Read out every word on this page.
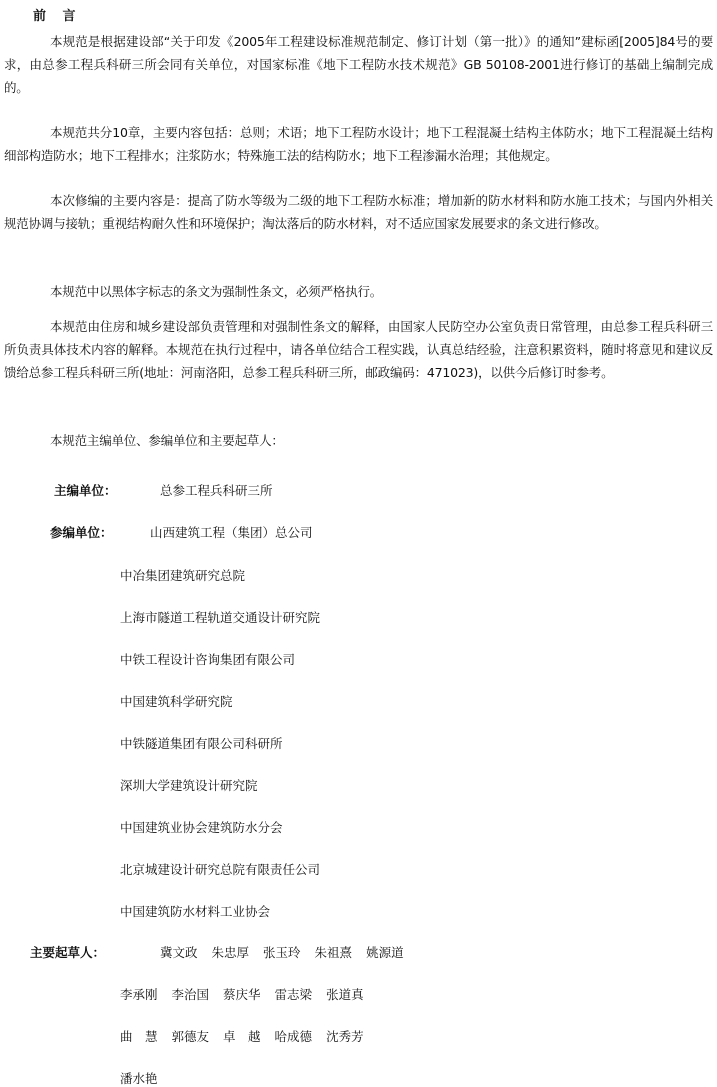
前 言

本规范是根据建设部“关于印发《2005年工程建设标准规范制定、修订计划（第一批）》的通知”建标函[2005]84号的要求，由总参工程兵科研三所会同有关单位，对国家标准《地下工程防水技术规范》GB 50108-2001进行修订的基础上编制完成的。

本规范共分10章，主要内容包括：总则；术语；地下工程防水设计；地下工程混凝土结构主体防水；地下工程混凝土结构细部构造防水；地下工程排水；注浆防水；特殊施工法的结构防水；地下工程渗漏水治理；其他规定。

本次修编的主要内容是：提高了防水等级为二级的地下工程防水标准；增加新的防水材料和防水施工技术；与国内外相关规范协调与接轨；重视结构耐久性和环境保护；淘汰落后的防水材料，对不适应国家发展要求的条文进行修改。

本规范中以黑体字标志的条文为强制性条文，必须严格执行。

本规范由住房和城乡建设部负责管理和对强制性条文的解释，由国家人民防空办公室负责日常管理，由总参工程兵科研三所负责具体技术内容的解释。本规范在执行过程中，请各单位结合工程实践，认真总结经验，注意积累资料，随时将意见和建议反馈给总参工程兵科研三所(地址：河南洛阳，总参工程兵科研三所，邮政编码：471023)，以供今后修订时参考。

本规范主编单位、参编单位和主要起草人：

主编单位：	总参工程兵科研三所
参编单位：	山西建筑工程（集团）总公司
中冶集团建筑研究总院
上海市隧道工程轨道交通设计研究院
中铁工程设计咨询集团有限公司
中国建筑科学研究院
中铁隧道集团有限公司科研所
深圳大学建筑设计研究院
中国建筑业协会建筑防水分会
北京城建设计研究总院有限责任公司
中国建筑防水材料工业协会
主要起草人：	冀文政 朱忠厚 张玉玲 朱祖熹 姚源道
李承刚 李治国 蔡庆华 雷志梁 张道真
曲　慧 郭德友 卓　越 哈成德 沈秀芳
潘水艳
